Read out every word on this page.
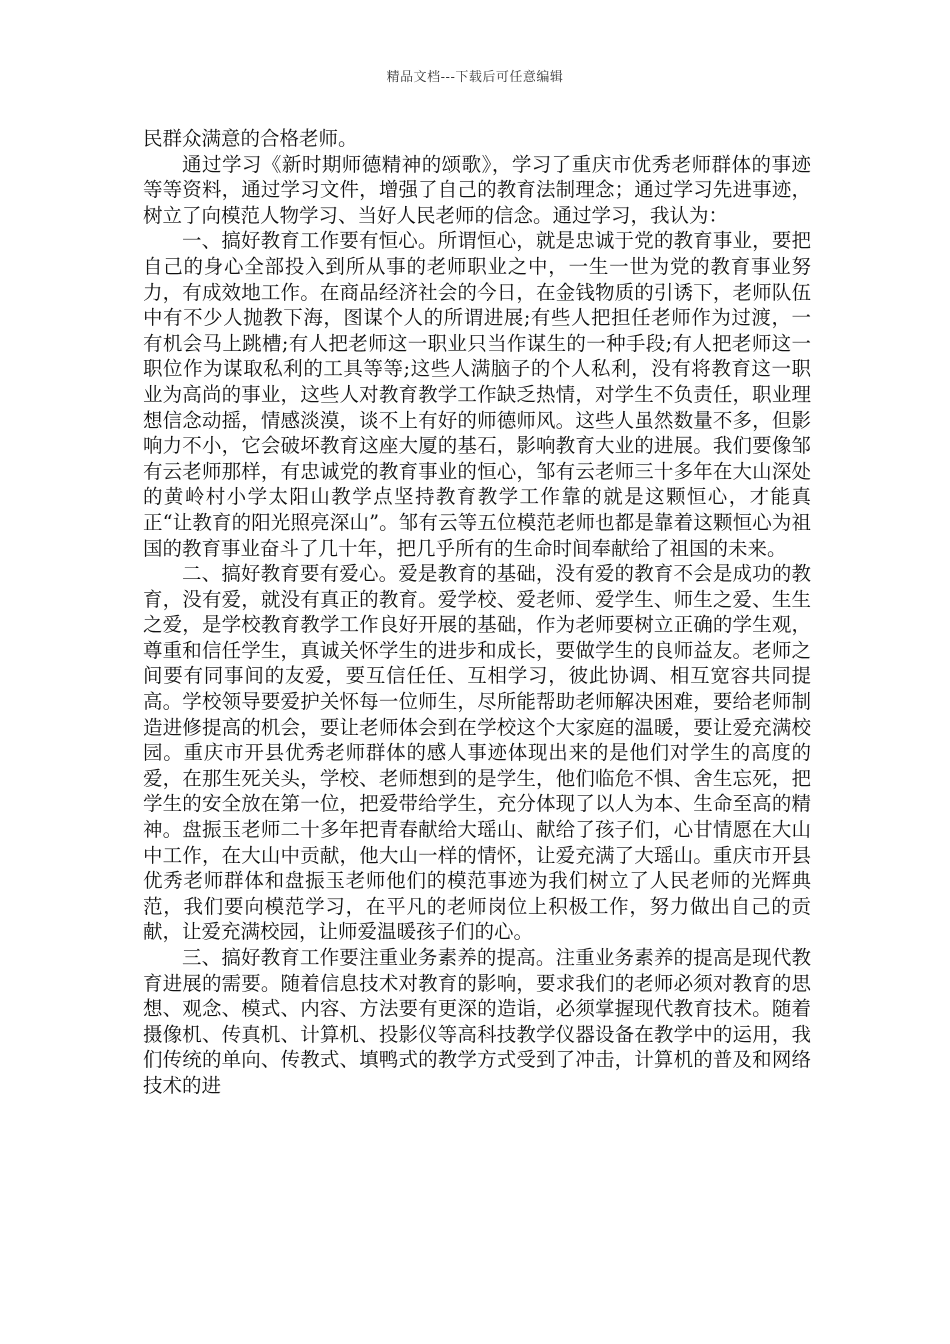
精品文档---下载后可任意编辑

民群众满意的合格老师。

通过学习《新时期师德精神的颂歌》，学习了重庆市优秀老师群体的事迹等等资料，通过学习文件，增强了自己的教育法制理念；通过学习先进事迹，树立了向模范人物学习、当好人民老师的信念。通过学习，我认为：

一、搞好教育工作要有恒心。所谓恒心，就是忠诚于党的教育事业，要把自己的身心全部投入到所从事的老师职业之中，一生一世为党的教育事业努力，有成效地工作。在商品经济社会的今日，在金钱物质的引诱下，老师队伍中有不少人抛教下海，图谋个人的所谓进展;有些人把担任老师作为过渡，一有机会马上跳槽;有人把老师这一职业只当作谋生的一种手段;有人把老师这一职位作为谋取私利的工具等等;这些人满脑子的个人私利，没有将教育这一职业为高尚的事业，这些人对教育教学工作缺乏热情，对学生不负责任，职业理想信念动摇，情感淡漠，谈不上有好的师德师风。这些人虽然数量不多，但影响力不小，它会破坏教育这座大厦的基石，影响教育大业的进展。我们要像邹有云老师那样，有忠诚党的教育事业的恒心，邹有云老师三十多年在大山深处的黄岭村小学太阳山教学点坚持教育教学工作靠的就是这颗恒心，才能真正“让教育的阳光照亮深山”。邹有云等五位模范老师也都是靠着这颗恒心为祖国的教育事业奋斗了几十年，把几乎所有的生命时间奉献给了祖国的未来。

二、搞好教育要有爱心。爱是教育的基础，没有爱的教育不会是成功的教育，没有爱，就没有真正的教育。爱学校、爱老师、爱学生、师生之爱、生生之爱，是学校教育教学工作良好开展的基础，作为老师要树立正确的学生观，尊重和信任学生，真诚关怀学生的进步和成长，要做学生的良师益友。老师之间要有同事间的友爱，要互信任任、互相学习，彼此协调、相互宽容共同提高。学校领导要爱护关怀每一位师生，尽所能帮助老师解决困难，要给老师制造进修提高的机会，要让老师体会到在学校这个大家庭的温暖，要让爱充满校园。重庆市开县优秀老师群体的感人事迹体现出来的是他们对学生的高度的爱，在那生死关头，学校、老师想到的是学生，他们临危不惧、舍生忘死，把学生的安全放在第一位，把爱带给学生，充分体现了以人为本、生命至高的精神。盘振玉老师二十多年把青春献给大瑶山、献给了孩子们，心甘情愿在大山中工作，在大山中贡献，他大山一样的情怀，让爱充满了大瑶山。重庆市开县优秀老师群体和盘振玉老师他们的模范事迹为我们树立了人民老师的光辉典范，我们要向模范学习，在平凡的老师岗位上积极工作，努力做出自己的贡献，让爱充满校园，让师爱温暖孩子们的心。

三、搞好教育工作要注重业务素养的提高。注重业务素养的提高是现代教育进展的需要。随着信息技术对教育的影响，要求我们的老师必须对教育的思想、观念、模式、内容、方法要有更深的造诣，必须掌握现代教育技术。随着摄像机、传真机、计算机、投影仪等高科技教学仪器设备在教学中的运用，我们传统的单向、传教式、填鸭式的教学方式受到了冲击，计算机的普及和网络技术的进
